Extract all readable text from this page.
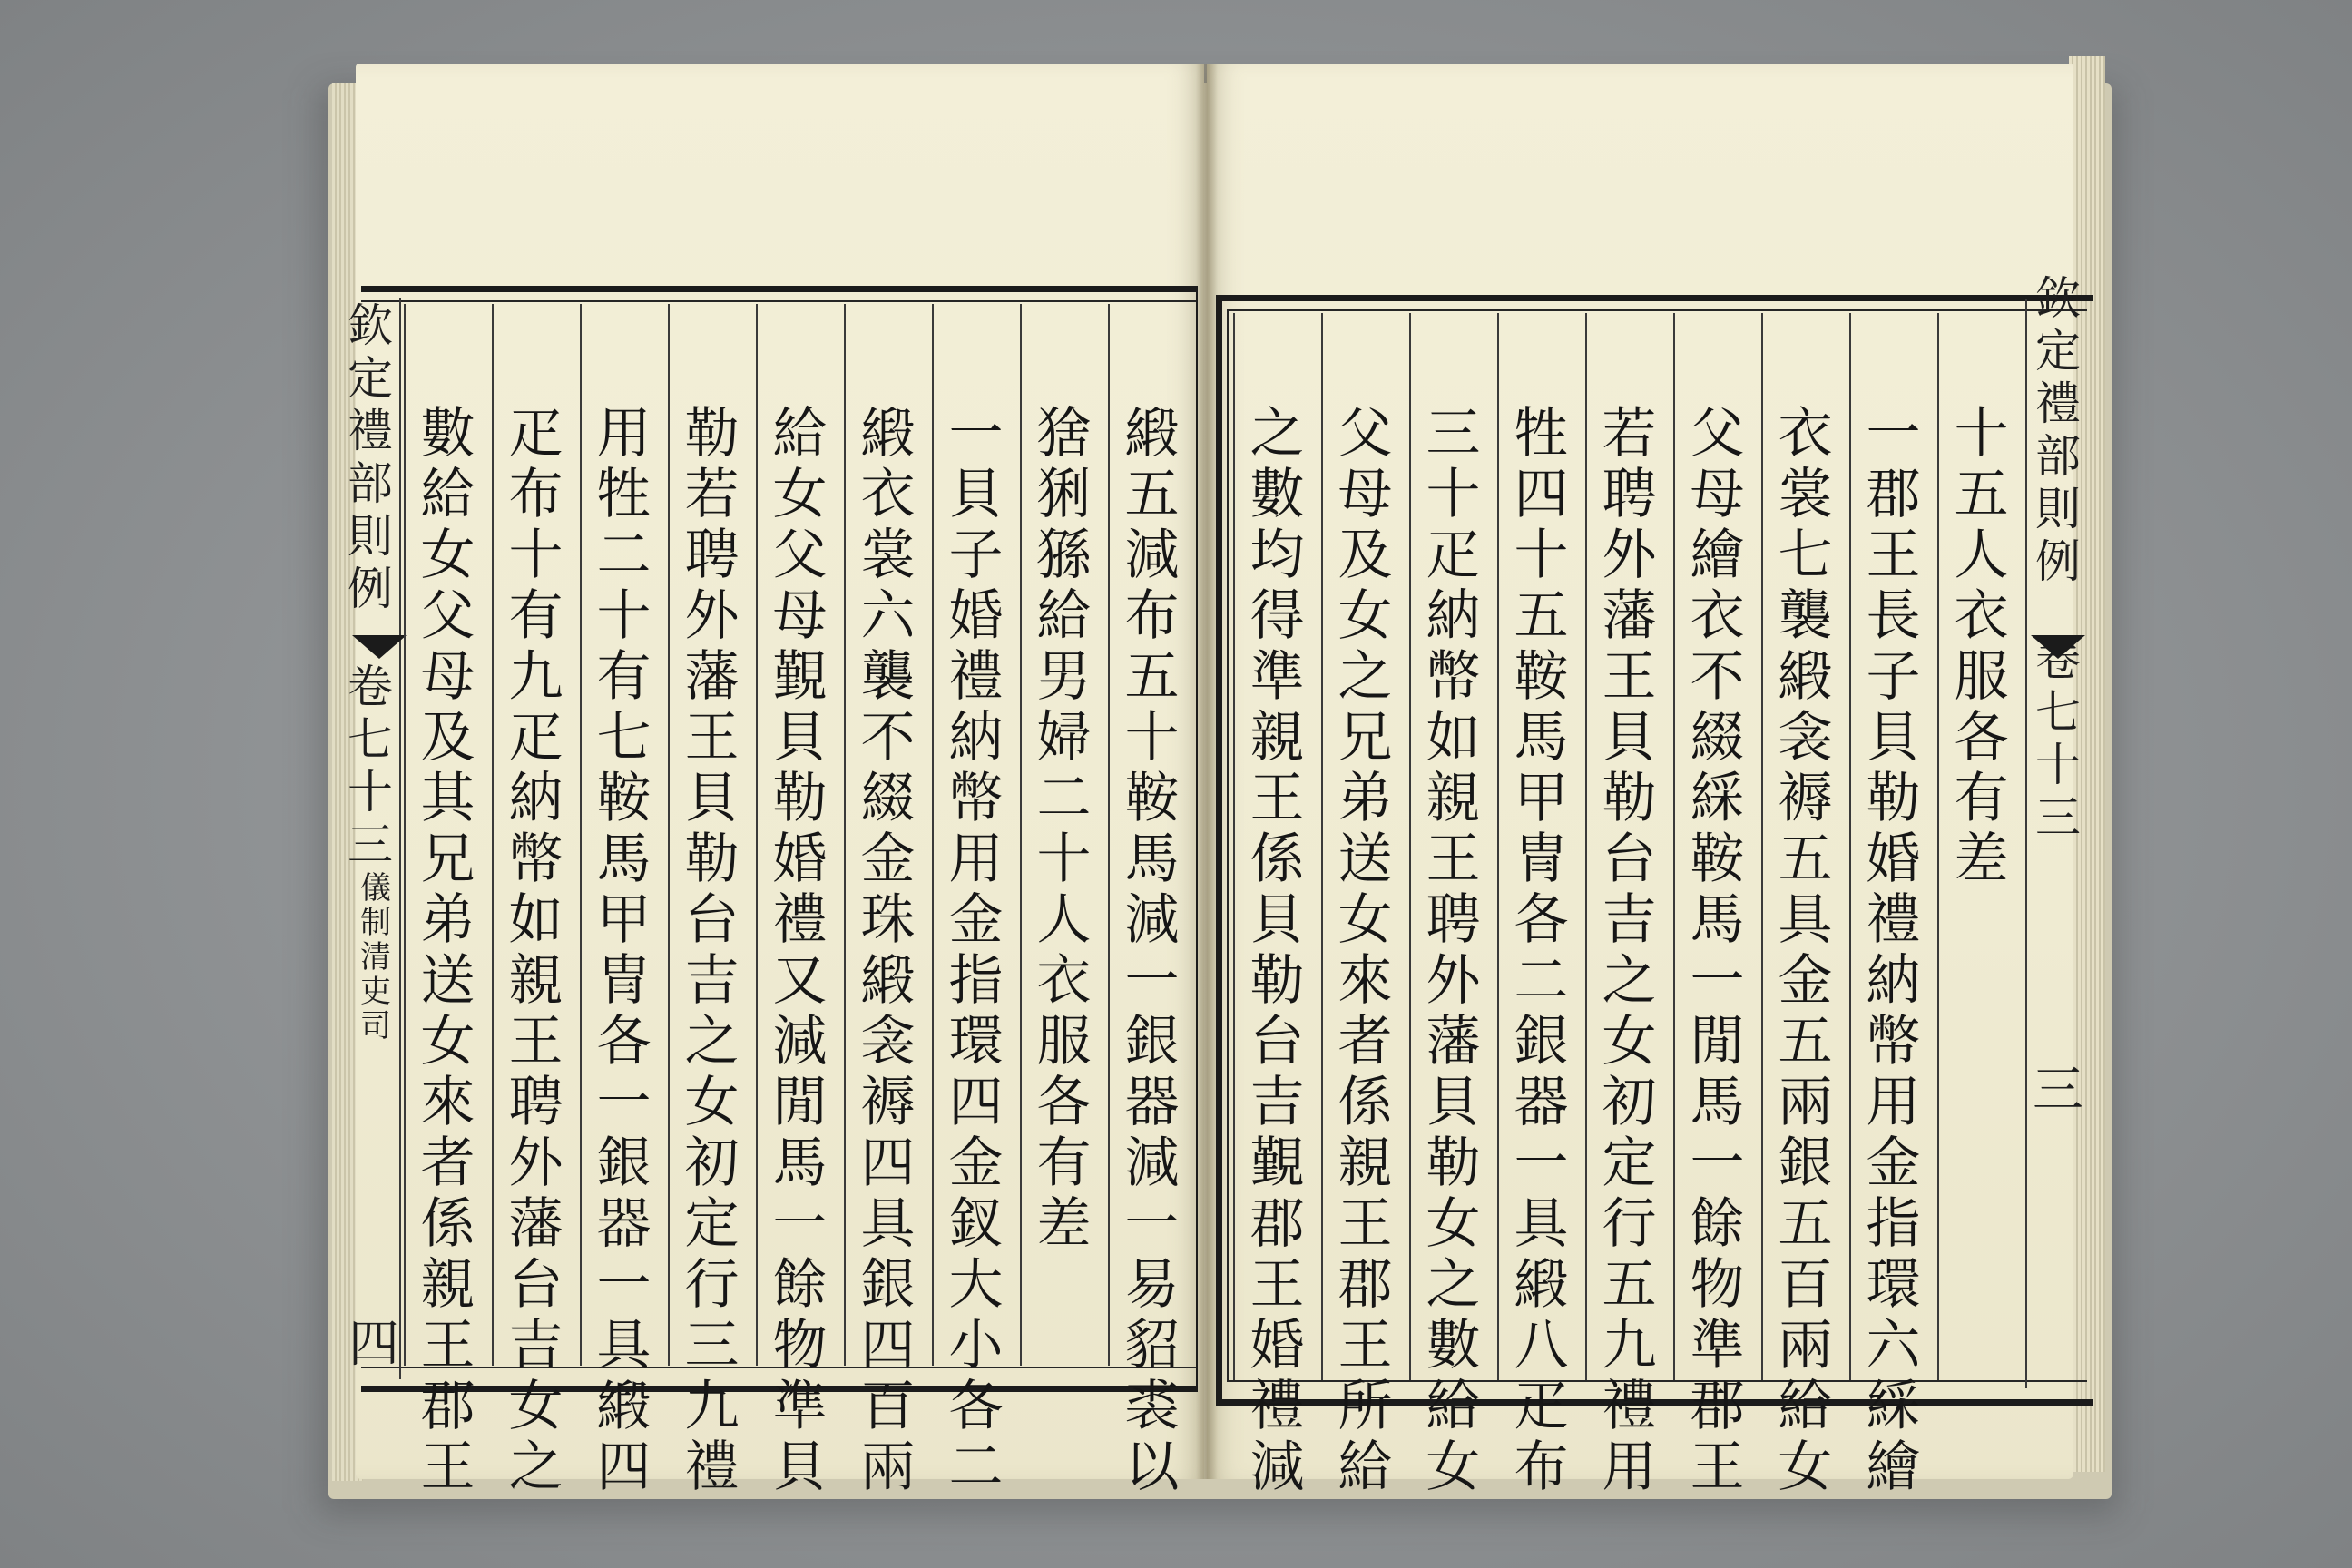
欽
定
禮
部
則
例
卷
七
十
三
儀
制
清
吏
司
四
緞
五
減
布
五
十
鞍
馬
減
一
銀
器
減
一
易
貂
裘
以
猞
猁
猻
給
男
婦
二
十
人
衣
服
各
有
差
一
貝
子
婚
禮
納
幣
用
金
指
環
四
金
釵
大
小
各
二
緞
衣
裳
六
襲
不
綴
金
珠
緞
衾
褥
四
具
銀
四
百
兩
給
女
父
母
覲
貝
勒
婚
禮
又
減
閒
馬
一
餘
物
準
貝
勒
若
聘
外
藩
王
貝
勒
台
吉
之
女
初
定
行
三
九
禮
用
牲
二
十
有
七
鞍
馬
甲
冑
各
一
銀
器
一
具
緞
四
疋
布
十
有
九
疋
納
幣
如
親
王
聘
外
藩
台
吉
女
之
數
給
女
父
母
及
其
兄
弟
送
女
來
者
係
親
王
郡
王
欽
定
禮
部
則
例
卷
七
十
三
三
十
五
人
衣
服
各
有
差
一
郡
王
長
子
貝
勒
婚
禮
納
幣
用
金
指
環
六
綵
繪
衣
裳
七
襲
緞
衾
褥
五
具
金
五
兩
銀
五
百
兩
給
女
父
母
繪
衣
不
綴
綵
鞍
馬
一
閒
馬
一
餘
物
準
郡
王
若
聘
外
藩
王
貝
勒
台
吉
之
女
初
定
行
五
九
禮
用
牲
四
十
五
鞍
馬
甲
冑
各
二
銀
器
一
具
緞
八
疋
布
三
十
疋
納
幣
如
親
王
聘
外
藩
貝
勒
女
之
數
給
女
父
母
及
女
之
兄
弟
送
女
來
者
係
親
王
郡
王
所
給
之
數
均
得
準
親
王
係
貝
勒
台
吉
覲
郡
王
婚
禮
減
